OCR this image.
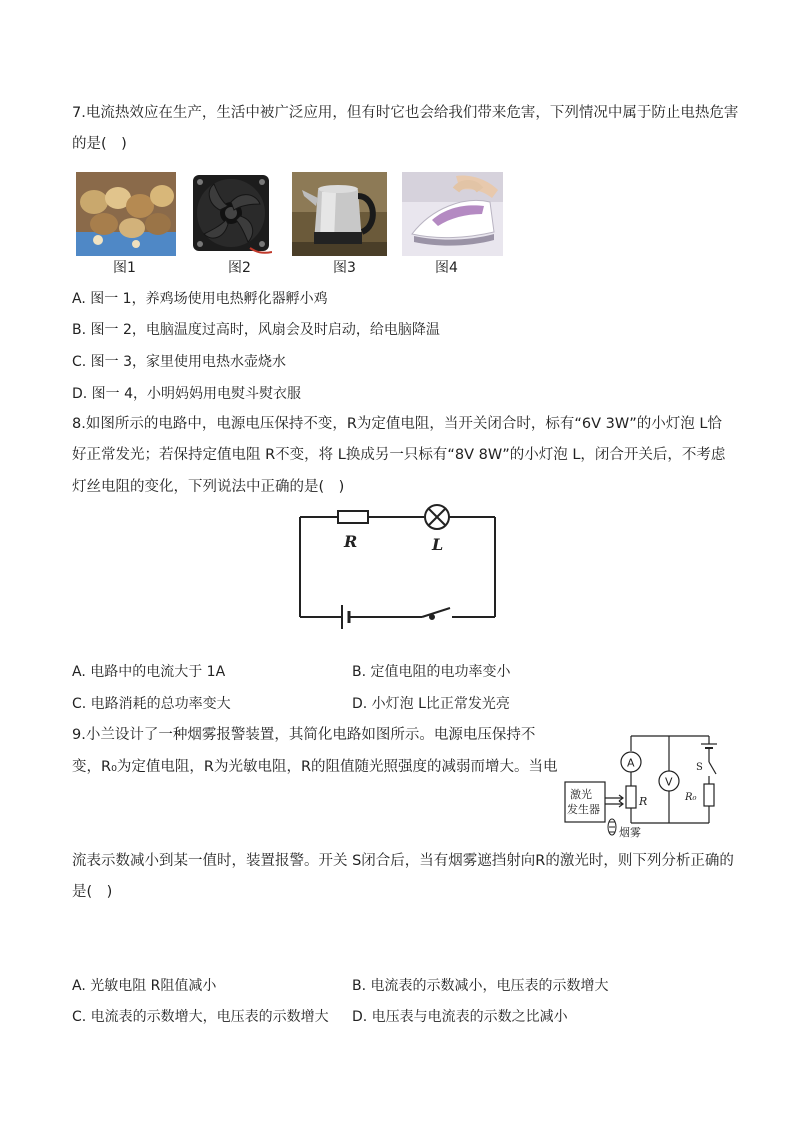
7.电流热效应在生产，生活中被广泛应用，但有时它也会给我们带来危害，下列情况中属于防止电热危害
的是(　)
图1	图2	图3	图4
A. 图一 1，养鸡场使用电热孵化器孵小鸡
B. 图一 2，电脑温度过高时，风扇会及时启动，给电脑降温
C. 图一 3，家里使用电热水壶烧水
D. 图一 4，小明妈妈用电熨斗熨衣服
8.如图所示的电路中，电源电压保持不变，R为定值电阻，当开关闭合时，标有“6V 3W”的小灯泡 L恰
好正常发光；若保持定值电阻 R不变，将 L换成另一只标有“8V 8W”的小灯泡 L，闭合开关后，不考虑
灯丝电阻的变化，下列说法中正确的是(　)
R	L
A. 电路中的电流大于 1A	B. 定值电阻的电功率变小
C. 电路消耗的总功率变大	D. 小灯泡 L比正常发光亮
9.小兰设计了一种烟雾报警装置，其简化电路如图所示。电源电压保持不
变，R₀为定值电阻，R为光敏电阻，R的阻值随光照强度的减弱而增大。当电	A
V
S
R	R₀
激光
发生器
烟雾
流表示数减小到某一值时，装置报警。开关 S闭合后，当有烟雾遮挡射向R的激光时，则下列分析正确的
是(　)
A. 光敏电阻 R阻值减小	B. 电流表的示数减小，电压表的示数增大
C. 电流表的示数增大，电压表的示数增大 D. 电压表与电流表的示数之比减小
